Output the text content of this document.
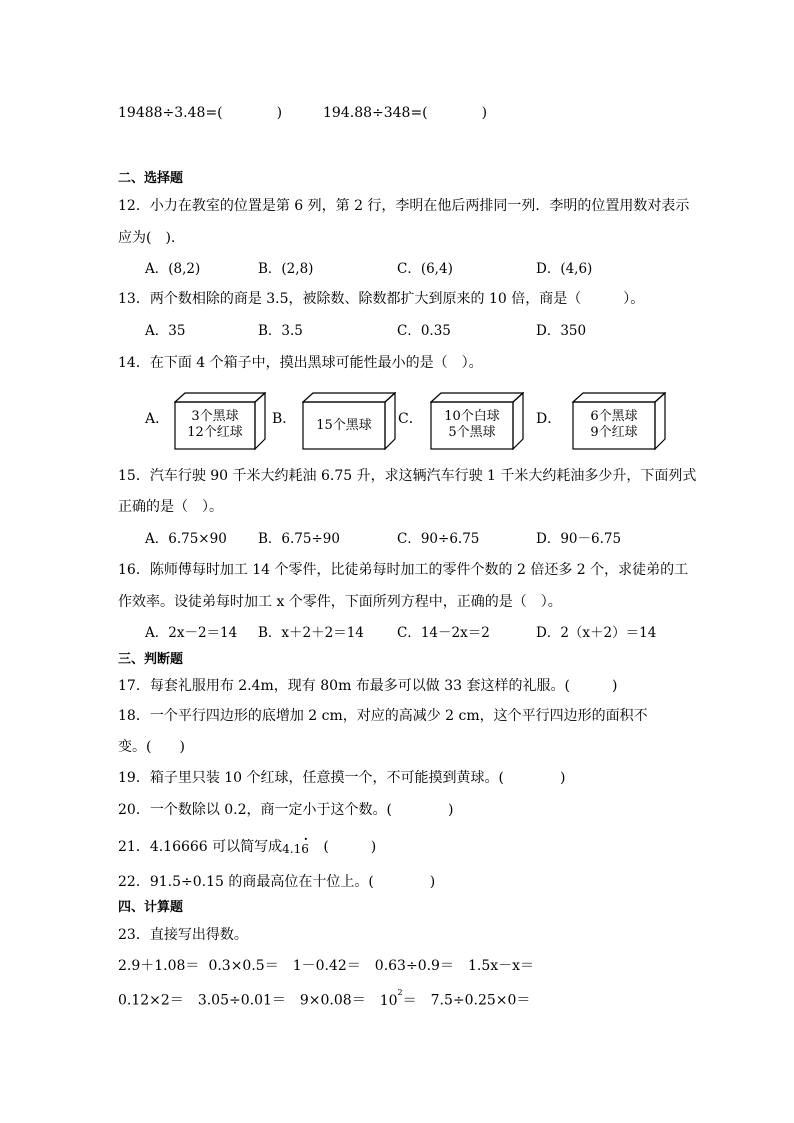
19488÷3.48=(	)	194.88÷348=(	)
二、选择题
12．小力在教室的位置是第 6 列，第 2 行，李明在他后两排同一列．李明的位置用数对表示
应为(　).
A．(8,2)	B．(2,8)	C．(6,4)	D．(4,6)
13．两个数相除的商是 3.5，被除数、除数都扩大到原来的 10 倍，商是（　　　）。
A．35	B．3.5	C．0.35	D．350
14．在下面 4 个箱子中，摸出黑球可能性最小的是（　）。
A．	3个黑球
12个红球
B．	15个黑球	C．	10个白球
5个黑球
D．	6个黑球
9个红球
15．汽车行驶 90 千米大约耗油 6.75 升，求这辆汽车行驶 1 千米大约耗油多少升，下面列式
正确的是（　）。
A．6.75×90 B．6.75÷90	C．90÷6.75	D．90－6.75
16．陈师傅每时加工 14 个零件，比徒弟每时加工的零件个数的 2 倍还多 2 个，求徒弟的工
作效率。设徒弟每时加工 x 个零件，下面所列方程中，正确的是（　）。
A．2x－2＝14 B．x＋2＋2＝14 C．14－2x＝2	D．2（x＋2）＝14
三、判断题
17．每套礼服用布 2.4m，现有 80m 布最多可以做 33 套这样的礼服。(　　　)
18．一个平行四边形的底增加 2 cm，对应的高减少 2 cm，这个平行四边形的面积不
变。(　　)
19．箱子里只装 10 个红球，任意摸一个，不可能摸到黄球。(　　　　)
20．一个数除以 0.2，商一定小于这个数。(　　　　)
21．4.16666 可以简写成4.16
· (　　　)
22．91.5÷0.15 的商最高位在十位上。(　　　　)
四、计算题
23．直接写出得数。
2.9＋1.08＝ 0.3×0.5＝ 1－0.42＝ 0.63÷0.9＝ 1.5x－x＝
$0.12\times 2= 3.05\div 0.01= 9\times 0.08= 10^2= 7.5\div 0.25\times 0=$
